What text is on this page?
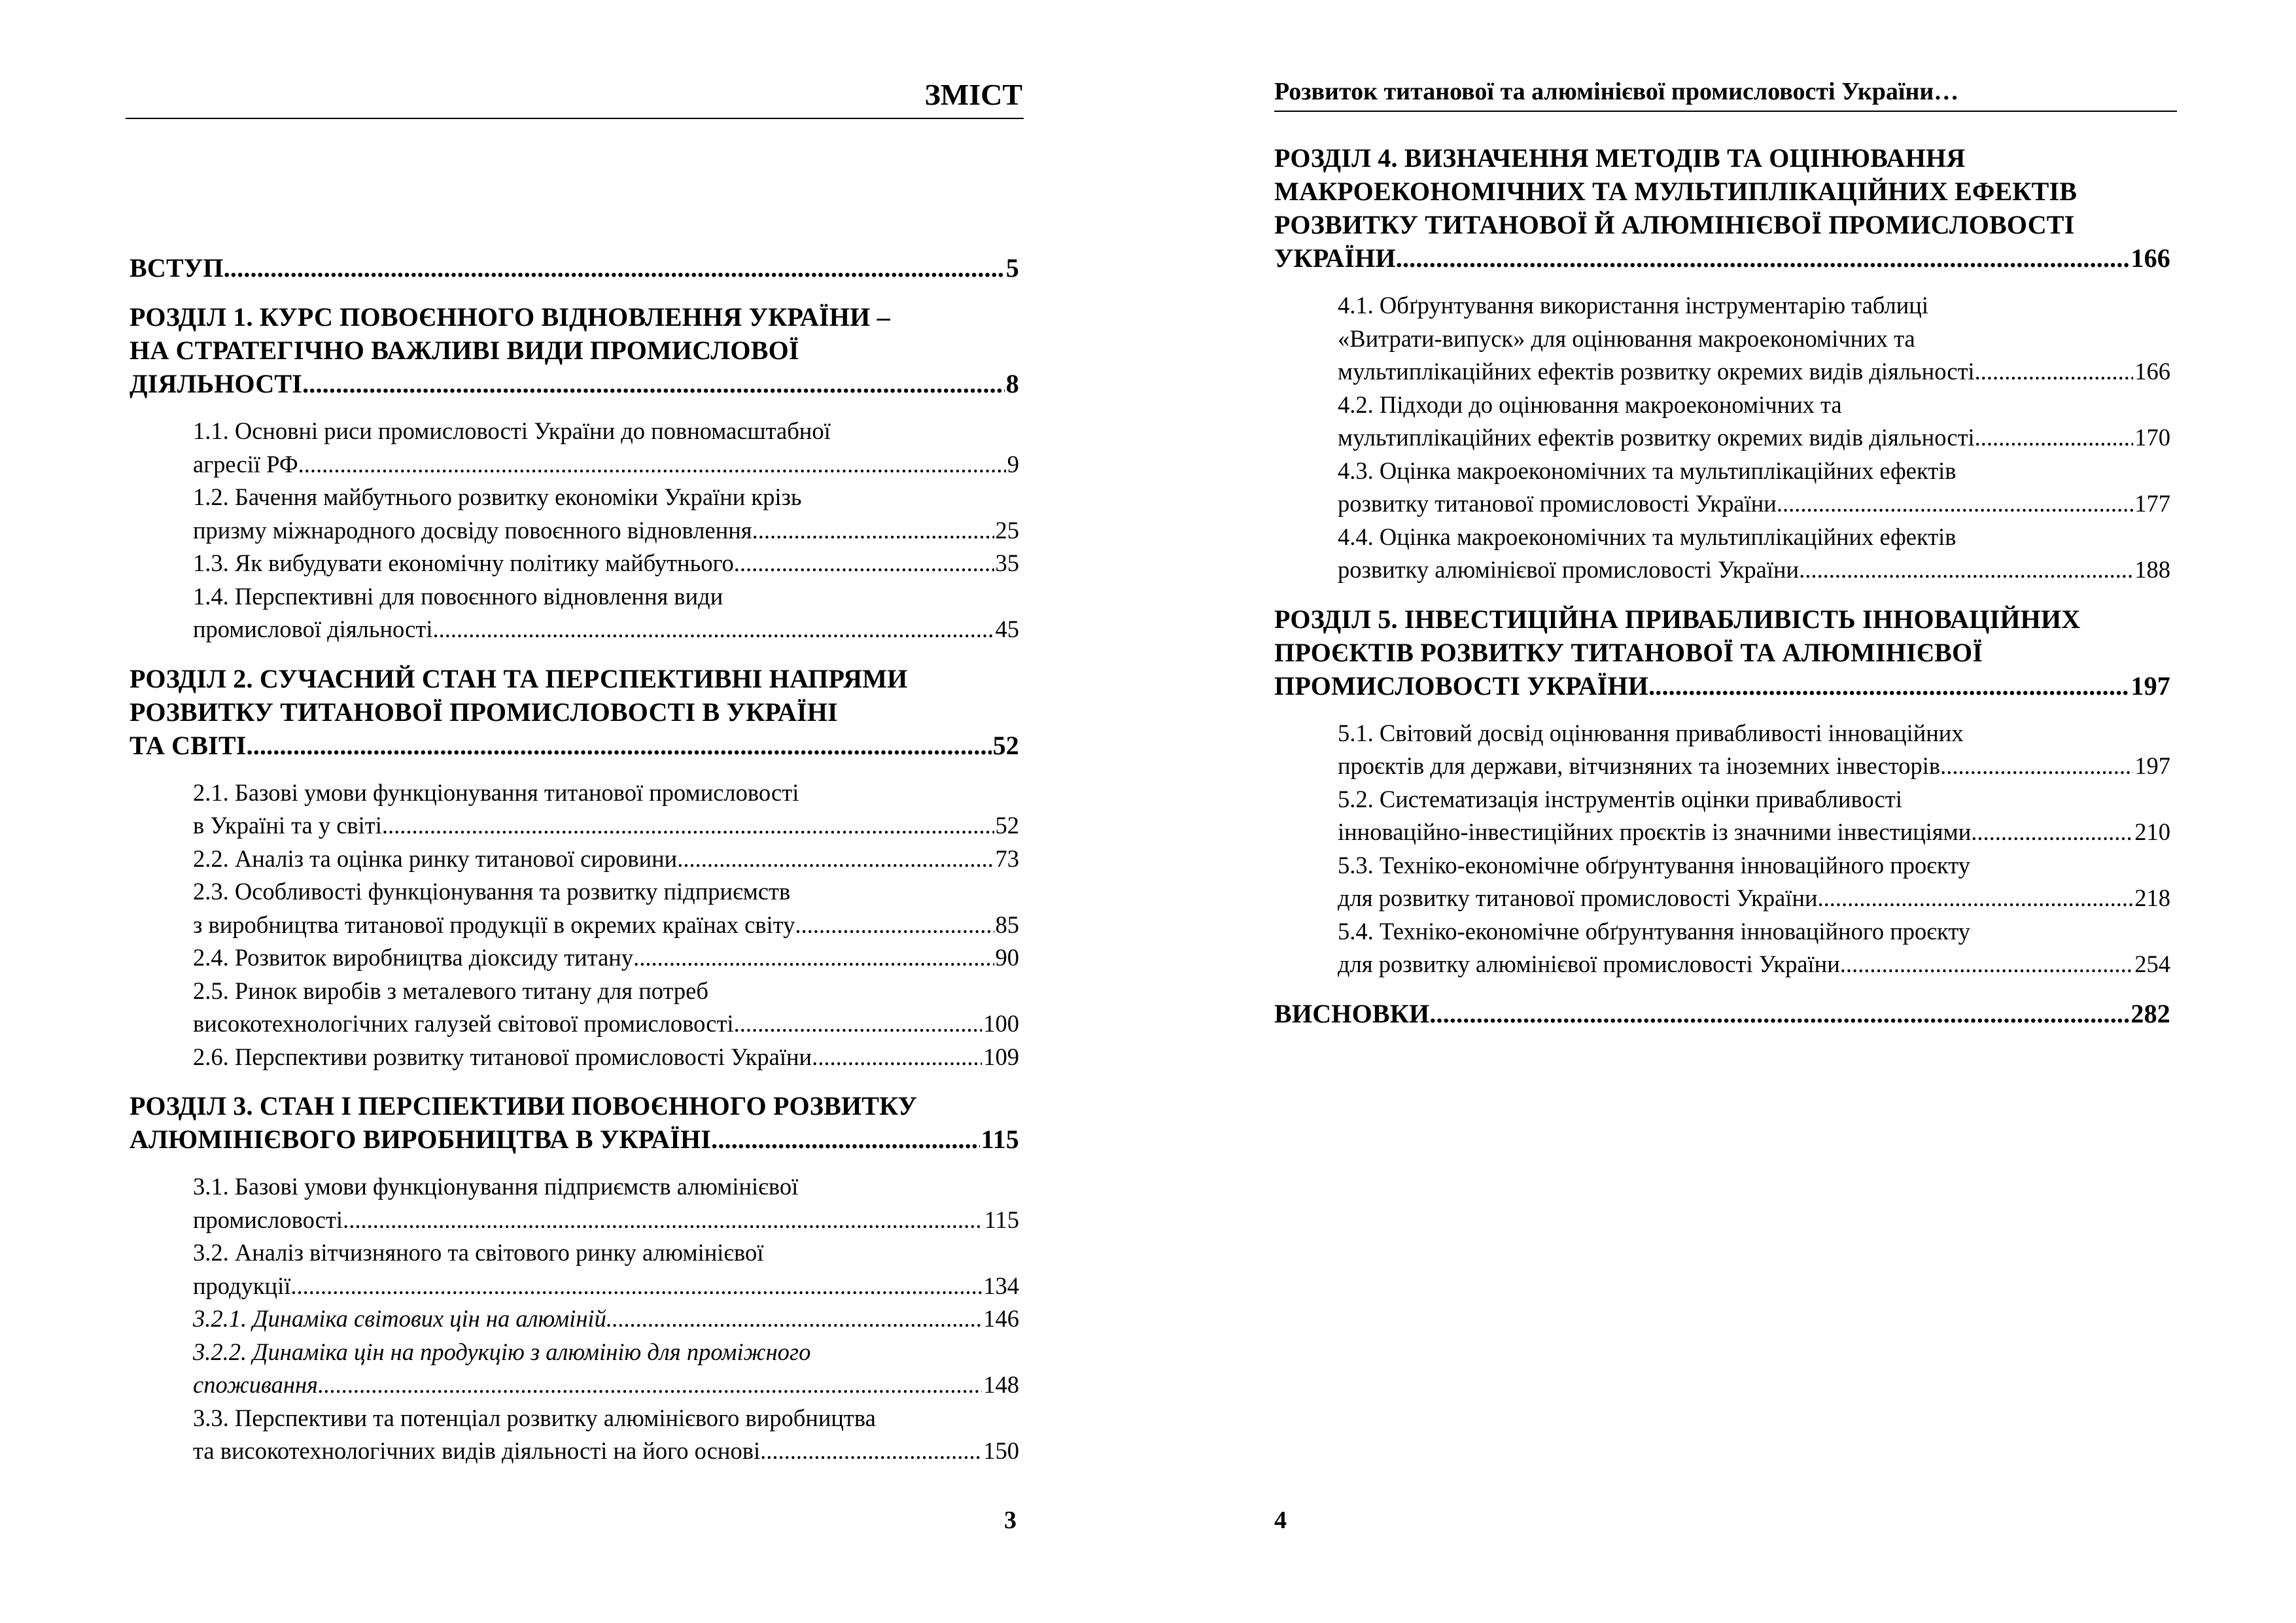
ЗМІСТ
ВСТУП .....	5
РОЗДІЛ 1. КУРС ПОВОЄННОГО ВІДНОВЛЕННЯ УКРАЇНИ –
НА СТРАТЕГІЧНО ВАЖЛИВІ ВИДИ ПРОМИСЛОВОЇ
ДІЯЛЬНОСТІ .....	8
1.1. Основні риси промисловості України до повномасштабної
агресії РФ .....	9
1.2. Бачення майбутнього розвитку економіки України крізь
призму міжнародного досвіду повоєнного відновлення .....	25
1.3. Як вибудувати економічну політику майбутнього .....	35
1.4. Перспективні для повоєнного відновлення види
промислової діяльності .....	45
РОЗДІЛ 2. СУЧАСНИЙ СТАН ТА ПЕРСПЕКТИВНІ НАПРЯМИ
РОЗВИТКУ ТИТАНОВОЇ ПРОМИСЛОВОСТІ В УКРАЇНІ
ТА СВІТІ .....	52
2.1. Базові умови функціонування титанової промисловості
в Україні та у світі .....	52
2.2. Аналіз та оцінка ринку титанової сировини .....	73
2.3. Особливості функціонування та розвитку підприємств
з виробництва титанової продукції в окремих країнах світу .....	85
2.4. Розвиток виробництва діоксиду титану .....	90
2.5. Ринок виробів з металевого титану для потреб
високотехнологічних галузей світової промисловості .....	100
2.6. Перспективи розвитку титанової промисловості України .....	109
РОЗДІЛ 3. СТАН І ПЕРСПЕКТИВИ ПОВОЄННОГО РОЗВИТКУ
АЛЮМІНІЄВОГО ВИРОБНИЦТВА В УКРАЇНІ .....	115
3.1. Базові умови функціонування підприємств алюмінієвої
промисловості .....	115
3.2. Аналіз вітчизняного та світового ринку алюмінієвої
продукції .....	134
3.2.1. Динаміка світових цін на алюміній .....	146
3.2.2. Динаміка цін на продукцію з алюмінію для проміжного
споживання .....	148
3.3. Перспективи та потенціал розвитку алюмінієвого виробництва
та високотехнологічних видів діяльності на його основі .....	150
3
Розвиток титанової та алюмінієвої промисловості України…
РОЗДІЛ 4. ВИЗНАЧЕННЯ МЕТОДІВ ТА ОЦІНЮВАННЯ
МАКРОЕКОНОМІЧНИХ ТА МУЛЬТИПЛІКАЦІЙНИХ ЕФЕКТІВ
РОЗВИТКУ ТИТАНОВОЇ Й АЛЮМІНІЄВОЇ ПРОМИСЛОВОСТІ
УКРАЇНИ .....	166
4.1. Обґрунтування використання інструментарію таблиці
«Витрати-випуск» для оцінювання макроекономічних та
мультиплікаційних ефектів розвитку окремих видів діяльності .....	166
4.2. Підходи до оцінювання макроекономічних та
мультиплікаційних ефектів розвитку окремих видів діяльності .....	170
4.3. Оцінка макроекономічних та мультиплікаційних ефектів
розвитку титанової промисловості України .....	177
4.4. Оцінка макроекономічних та мультиплікаційних ефектів
розвитку алюмінієвої промисловості України .....	188
РОЗДІЛ 5. ІНВЕСТИЦІЙНА ПРИВАБЛИВІСТЬ ІННОВАЦІЙНИХ
ПРОЄКТІВ РОЗВИТКУ ТИТАНОВОЇ ТА АЛЮМІНІЄВОЇ
ПРОМИСЛОВОСТІ УКРАЇНИ .....	197
5.1. Світовий досвід оцінювання привабливості інноваційних
проєктів для держави, вітчизняних та іноземних інвесторів .....	197
5.2. Систематизація інструментів оцінки привабливості
інноваційно-інвестиційних проєктів із значними інвестиціями .....	210
5.3. Техніко-економічне обґрунтування інноваційного проєкту
для розвитку титанової промисловості України .....	218
5.4. Техніко-економічне обґрунтування інноваційного проєкту
для розвитку алюмінієвої промисловості України .....	254
ВИСНОВКИ .....	282
4
